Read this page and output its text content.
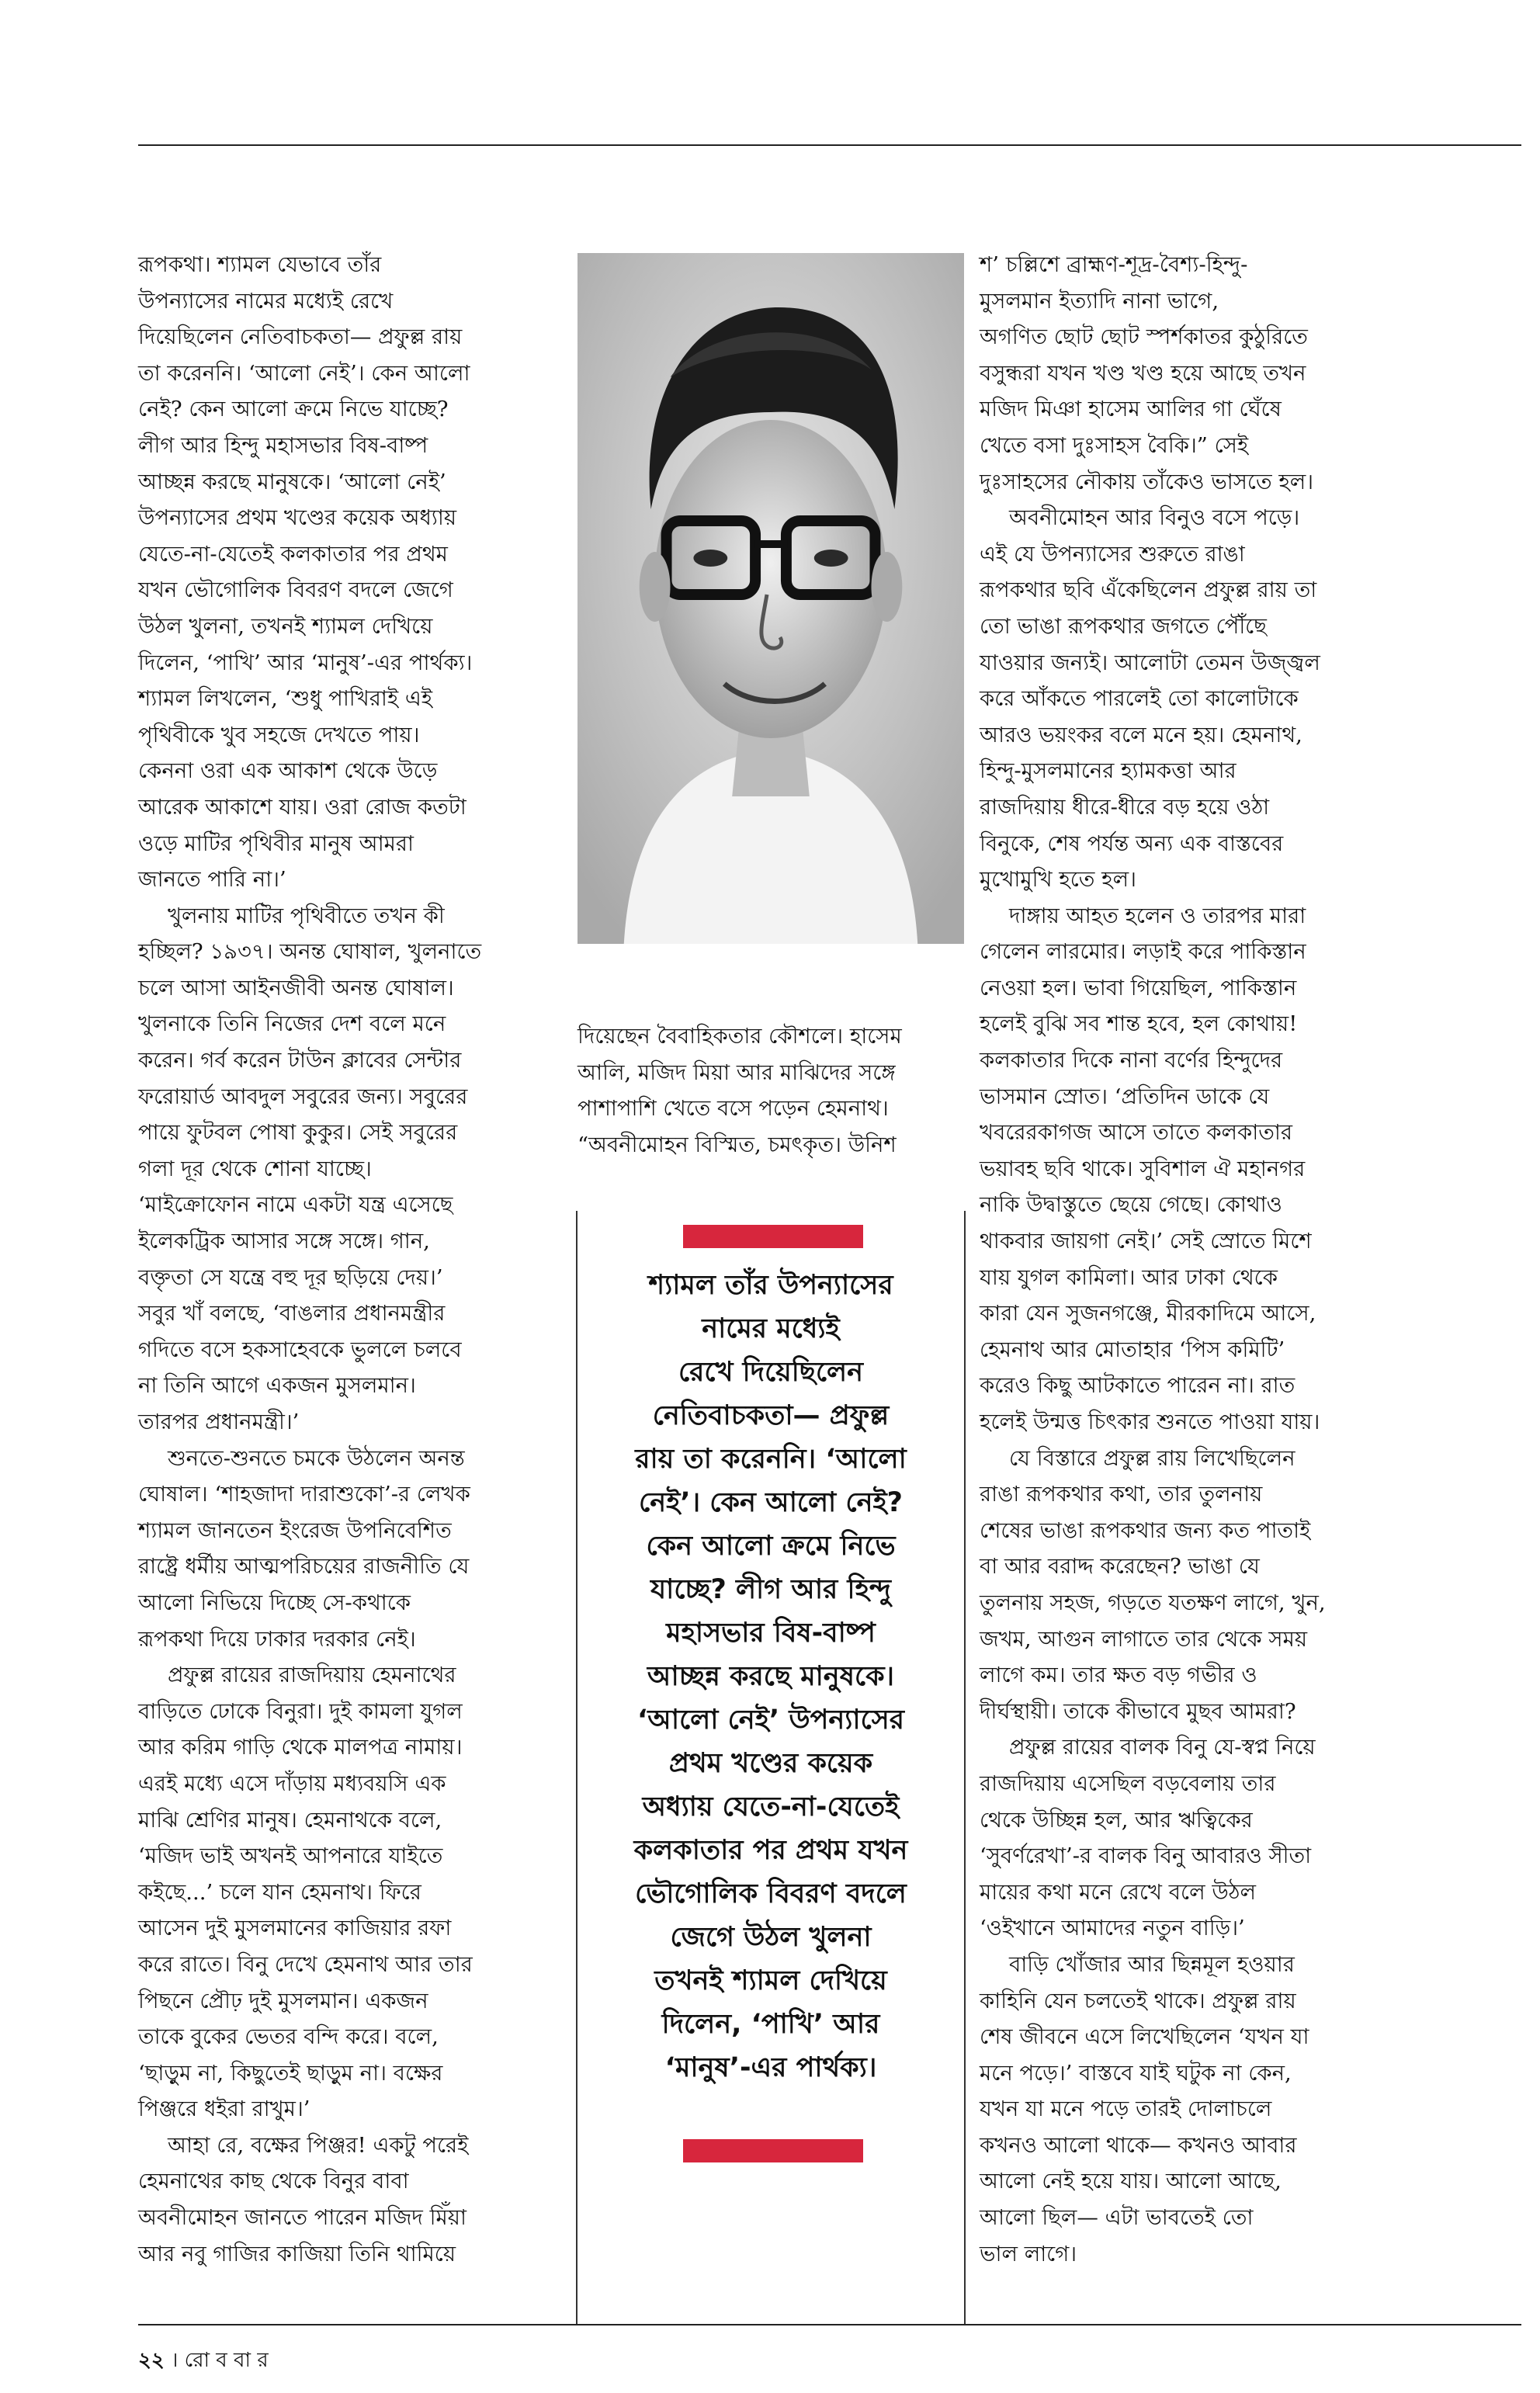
রূপকথা। শ্যামল যেভাবে তাঁর

উপন্যাসের নামের মধ্যেই রেখে

দিয়েছিলেন নেতিবাচকতা— প্রফুল্ল রায়

তা করেননি। ‘আলো নেই’। কেন আলো

নেই? কেন আলো ক্রমে নিভে যাচ্ছে?

লীগ আর হিন্দু মহাসভার বিষ-বাষ্প

আচ্ছন্ন করছে মানুষকে। ‘আলো নেই’

উপন্যাসের প্রথম খণ্ডের কয়েক অধ্যায়

যেতে-না-যেতেই কলকাতার পর প্রথম

যখন ভৌগোলিক বিবরণ বদলে জেগে

উঠল খুলনা, তখনই শ্যামল দেখিয়ে

দিলেন, ‘পাখি’ আর ‘মানুষ’-এর পার্থক্য।

শ্যামল লিখলেন, ‘শুধু পাখিরাই এই

পৃথিবীকে খুব সহজে দেখতে পায়।

কেননা ওরা এক আকাশ থেকে উড়ে

আরেক আকাশে যায়। ওরা রোজ কতটা

ওড়ে মাটির পৃথিবীর মানুষ আমরা

জানতে পারি না।’

খুলনায় মাটির পৃথিবীতে তখন কী

হচ্ছিল? ১৯৩৭। অনন্ত ঘোষাল, খুলনাতে

চলে আসা আইনজীবী অনন্ত ঘোষাল।

খুলনাকে তিনি নিজের দেশ বলে মনে

করেন। গর্ব করেন টাউন ক্লাবের সেন্টার

ফরোয়ার্ড আবদুল সবুরের জন্য। সবুরের

পায়ে ফুটবল পোষা কুকুর। সেই সবুরের

গলা দূর থেকে শোনা যাচ্ছে।

‘মাইক্রোফোন নামে একটা যন্ত্র এসেছে

ইলেকট্রিক আসার সঙ্গে সঙ্গে। গান,

বক্তৃতা সে যন্ত্রে বহু দূর ছড়িয়ে দেয়।’

সবুর খাঁ বলছে, ‘বাঙলার প্রধানমন্ত্রীর

গদিতে বসে হকসাহেবকে ভুললে চলবে

না তিনি আগে একজন মুসলমান।

তারপর প্রধানমন্ত্রী।’

শুনতে-শুনতে চমকে উঠলেন অনন্ত

ঘোষাল। ‘শাহজাদা দারাশুকো’-র লেখক

শ্যামল জানতেন ইংরেজ উপনিবেশিত

রাষ্ট্রে ধর্মীয় আত্মপরিচয়ের রাজনীতি যে

আলো নিভিয়ে দিচ্ছে সে-কথাকে

রূপকথা দিয়ে ঢাকার দরকার নেই।

প্রফুল্ল রায়ের রাজদিয়ায় হেমনাথের

বাড়িতে ঢোকে বিনুরা। দুই কামলা যুগল

আর করিম গাড়ি থেকে মালপত্র নামায়।

এরই মধ্যে এসে দাঁড়ায় মধ্যবয়সি এক

মাঝি শ্রেণির মানুষ। হেমনাথকে বলে,

‘মজিদ ভাই অখনই আপনারে যাইতে

কইছে...’ চলে যান হেমনাথ। ফিরে

আসেন দুই মুসলমানের কাজিয়ার রফা

করে রাতে। বিনু দেখে হেমনাথ আর তার

পিছনে প্রৌঢ় দুই মুসলমান। একজন

তাকে বুকের ভেতর বন্দি করে। বলে,

‘ছাড়ুম না, কিছুতেই ছাড়ুম না। বক্ষের

পিঞ্জরে ধইরা রাখুম।’

আহা রে, বক্ষের পিঞ্জর! একটু পরেই

হেমনাথের কাছ থেকে বিনুর বাবা

অবনীমোহন জানতে পারেন মজিদ মিঁয়া

আর নবু গাজির কাজিয়া তিনি থামিয়ে

দিয়েছেন বৈবাহিকতার কৌশলে। হাসেম

আলি, মজিদ মিয়া আর মাঝিদের সঙ্গে

পাশাপাশি খেতে বসে পড়েন হেমনাথ।

“অবনীমোহন বিস্মিত, চমৎকৃত। উনিশ

শ্যামল তাঁর উপন্যাসের

নামের মধ্যেই

রেখে দিয়েছিলেন

নেতিবাচকতা— প্রফুল্ল

রায় তা করেননি। ‘আলো

নেই’। কেন আলো নেই?

কেন আলো ক্রমে নিভে

যাচ্ছে? লীগ আর হিন্দু

মহাসভার বিষ-বাষ্প

আচ্ছন্ন করছে মানুষকে।

‘আলো নেই’ উপন্যাসের

প্রথম খণ্ডের কয়েক

অধ্যায় যেতে-না-যেতেই

কলকাতার পর প্রথম যখন

ভৌগোলিক বিবরণ বদলে

জেগে উঠল খুলনা

তখনই শ্যামল দেখিয়ে

দিলেন, ‘পাখি’ আর

‘মানুষ’-এর পার্থক্য।

শ’ চল্লিশে ব্রাহ্মণ-শূদ্র-বৈশ্য-হিন্দু-

মুসলমান ইত্যাদি নানা ভাগে,

অগণিত ছোট ছোট স্পর্শকাতর কুঠুরিতে

বসুন্ধরা যখন খণ্ড খণ্ড হয়ে আছে তখন

মজিদ মিঞা হাসেম আলির গা ঘেঁষে

খেতে বসা দুঃসাহস বৈকি।” সেই

দুঃসাহসের নৌকায় তাঁকেও ভাসতে হল।

অবনীমোহন আর বিনুও বসে পড়ে।

এই যে উপন্যাসের শুরুতে রাঙা

রূপকথার ছবি এঁকেছিলেন প্রফুল্ল রায় তা

তো ভাঙা রূপকথার জগতে পৌঁছে

যাওয়ার জন্যই। আলোটা তেমন উজ্জ্বল

করে আঁকতে পারলেই তো কালোটাকে

আরও ভয়ংকর বলে মনে হয়। হেমনাথ,

হিন্দু-মুসলমানের হ্যামকত্তা আর

রাজদিয়ায় ধীরে-ধীরে বড় হয়ে ওঠা

বিনুকে, শেষ পর্যন্ত অন্য এক বাস্তবের

মুখোমুখি হতে হল।

দাঙ্গায় আহত হলেন ও তারপর মারা

গেলেন লারমোর। লড়াই করে পাকিস্তান

নেওয়া হল। ভাবা গিয়েছিল, পাকিস্তান

হলেই বুঝি সব শান্ত হবে, হল কোথায়!

কলকাতার দিকে নানা বর্ণের হিন্দুদের

ভাসমান স্রোত। ‘প্রতিদিন ডাকে যে

খবরেরকাগজ আসে তাতে কলকাতার

ভয়াবহ ছবি থাকে। সুবিশাল ঐ মহানগর

নাকি উদ্বাস্তুতে ছেয়ে গেছে। কোথাও

থাকবার জায়গা নেই।’ সেই স্রোতে মিশে

যায় যুগল কামিলা। আর ঢাকা থেকে

কারা যেন সুজনগঞ্জে, মীরকাদিমে আসে,

হেমনাথ আর মোতাহার ‘পিস কমিটি’

করেও কিছু আটকাতে পারেন না। রাত

হলেই উন্মত্ত চিৎকার শুনতে পাওয়া যায়।

যে বিস্তারে প্রফুল্ল রায় লিখেছিলেন

রাঙা রূপকথার কথা, তার তুলনায়

শেষের ভাঙা রূপকথার জন্য কত পাতাই

বা আর বরাদ্দ করেছেন? ভাঙা যে

তুলনায় সহজ, গড়তে যতক্ষণ লাগে, খুন,

জখম, আগুন লাগাতে তার থেকে সময়

লাগে কম। তার ক্ষত বড় গভীর ও

দীর্ঘস্থায়ী। তাকে কীভাবে মুছব আমরা?

প্রফুল্ল রায়ের বালক বিনু যে-স্বপ্ন নিয়ে

রাজদিয়ায় এসেছিল বড়বেলায় তার

থেকে উচ্ছিন্ন হল, আর ঋত্বিকের

‘সুবর্ণরেখা’-র বালক বিনু আবারও সীতা

মায়ের কথা মনে রেখে বলে উঠল

‘ওইখানে আমাদের নতুন বাড়ি।’

বাড়ি খোঁজার আর ছিন্নমূল হওয়ার

কাহিনি যেন চলতেই থাকে। প্রফুল্ল রায়

শেষ জীবনে এসে লিখেছিলেন ‘যখন যা

মনে পড়ে।’ বাস্তবে যাই ঘটুক না কেন,

যখন যা মনে পড়ে তারই দোলাচলে

কখনও আলো থাকে— কখনও আবার

আলো নেই হয়ে যায়। আলো আছে,

আলো ছিল— এটা ভাবতেই তো

ভাল লাগে।

২২ । রো ব বা র
